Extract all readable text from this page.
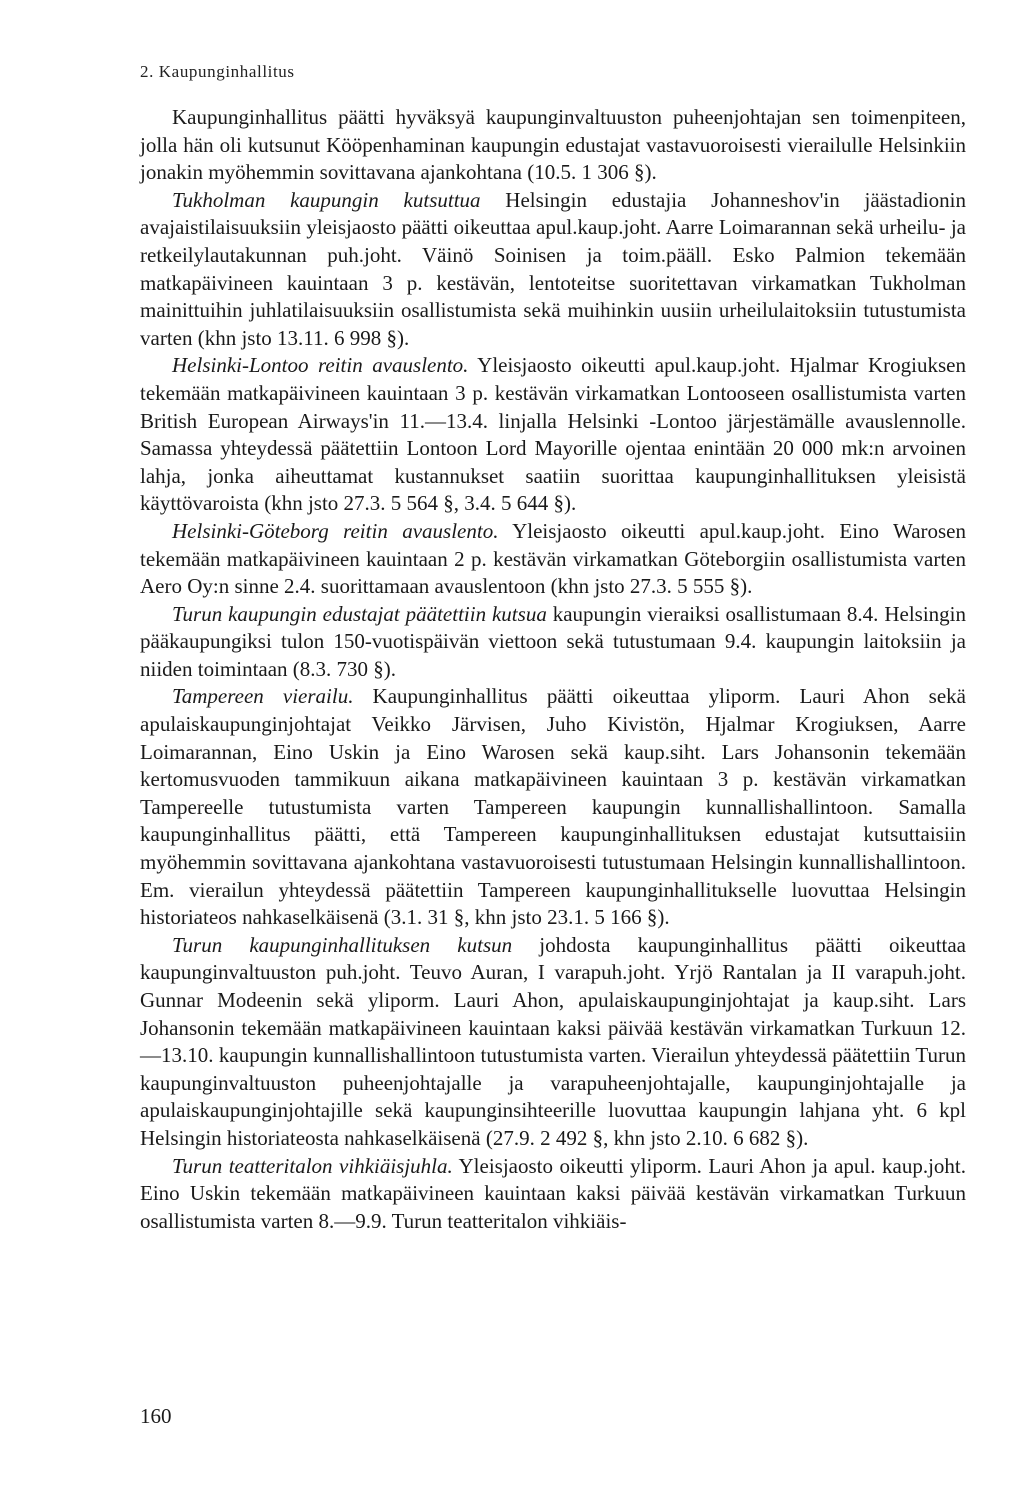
2. Kaupunginhallitus

Kaupunginhallitus päätti hyväksyä kaupunginvaltuuston puheenjohtajan sen toimenpiteen, jolla hän oli kutsunut Kööpenhaminan kaupungin edustajat vastavuoroisesti vierailulle Helsinkiin jonakin myöhemmin sovittavana ajankohtana (10.5. 1 306 §).

Tukholman kaupungin kutsuttua Helsingin edustajia Johanneshov'in jäästadionin avajaistilaisuuksiin yleisjaosto päätti oikeuttaa apul.kaup.joht. Aarre Loimarannan sekä urheilu- ja retkeilylautakunnan puh.joht. Väinö Soinisen ja toim.pääll. Esko Palmion tekemään matkapäivineen kauintaan 3 p. kestävän, lentoteitse suoritettavan virkamatkan Tukholman mainittuihin juhlatilaisuuksiin osallistumista sekä muihinkin uusiin urheilulaitoksiin tutustumista varten (khn jsto 13.11. 6 998 §).

Helsinki-Lontoo reitin avauslento. Yleisjaosto oikeutti apul.kaup.joht. Hjalmar Krogiuksen tekemään matkapäivineen kauintaan 3 p. kestävän virkamatkan Lontooseen osallistumista varten British European Airways'in 11.—13.4. linjalla Helsinki -Lontoo järjestämälle avauslennolle. Samassa yhteydessä päätettiin Lontoon Lord Mayorille ojentaa enintään 20 000 mk:n arvoinen lahja, jonka aiheuttamat kustannukset saatiin suorittaa kaupunginhallituksen yleisistä käyttövaroista (khn jsto 27.3. 5 564 §, 3.4. 5 644 §).

Helsinki-Göteborg reitin avauslento. Yleisjaosto oikeutti apul.kaup.joht. Eino Warosen tekemään matkapäivineen kauintaan 2 p. kestävän virkamatkan Göteborgiin osallistumista varten Aero Oy:n sinne 2.4. suorittamaan avauslentoon (khn jsto 27.3. 5 555 §).

Turun kaupungin edustajat päätettiin kutsua kaupungin vieraiksi osallistumaan 8.4. Helsingin pääkaupungiksi tulon 150-vuotispäivän viettoon sekä tutustumaan 9.4. kaupungin laitoksiin ja niiden toimintaan (8.3. 730 §).

Tampereen vierailu. Kaupunginhallitus päätti oikeuttaa yliporm. Lauri Ahon sekä apulaiskaupunginjohtajat Veikko Järvisen, Juho Kivistön, Hjalmar Krogiuksen, Aarre Loimarannan, Eino Uskin ja Eino Warosen sekä kaup.siht. Lars Johansonin tekemään kertomusvuoden tammikuun aikana matkapäivineen kauintaan 3 p. kestävän virkamatkan Tampereelle tutustumista varten Tampereen kaupungin kunnallishallintoon. Samalla kaupunginhallitus päätti, että Tampereen kaupunginhallituksen edustajat kutsuttaisiin myöhemmin sovittavana ajankohtana vastavuoroisesti tutustumaan Helsingin kunnallishallintoon. Em. vierailun yhteydessä päätettiin Tampereen kaupunginhallitukselle luovuttaa Helsingin historiateos nahkaselkäisenä (3.1. 31 §, khn jsto 23.1. 5 166 §).

Turun kaupunginhallituksen kutsun johdosta kaupunginhallitus päätti oikeuttaa kaupunginvaltuuston puh.joht. Teuvo Auran, I varapuh.joht. Yrjö Rantalan ja II varapuh.joht. Gunnar Modeenin sekä yliporm. Lauri Ahon, apulaiskaupunginjohtajat ja kaup.siht. Lars Johansonin tekemään matkapäivineen kauintaan kaksi päivää kestävän virkamatkan Turkuun 12.—13.10. kaupungin kunnallishallintoon tutustumista varten. Vierailun yhteydessä päätettiin Turun kaupunginvaltuuston puheenjohtajalle ja varapuheenjohtajalle, kaupunginjohtajalle ja apulaiskaupunginjohtajille sekä kaupunginsihteerille luovuttaa kaupungin lahjana yht. 6 kpl Helsingin historiateosta nahkaselkäisenä (27.9. 2 492 §, khn jsto 2.10. 6 682 §).

Turun teatteritalon vihkiäisjuhla. Yleisjaosto oikeutti yliporm. Lauri Ahon ja apul. kaup.joht. Eino Uskin tekemään matkapäivineen kauintaan kaksi päivää kestävän virkamatkan Turkuun osallistumista varten 8.—9.9. Turun teatteritalon vihkiäis-

160
